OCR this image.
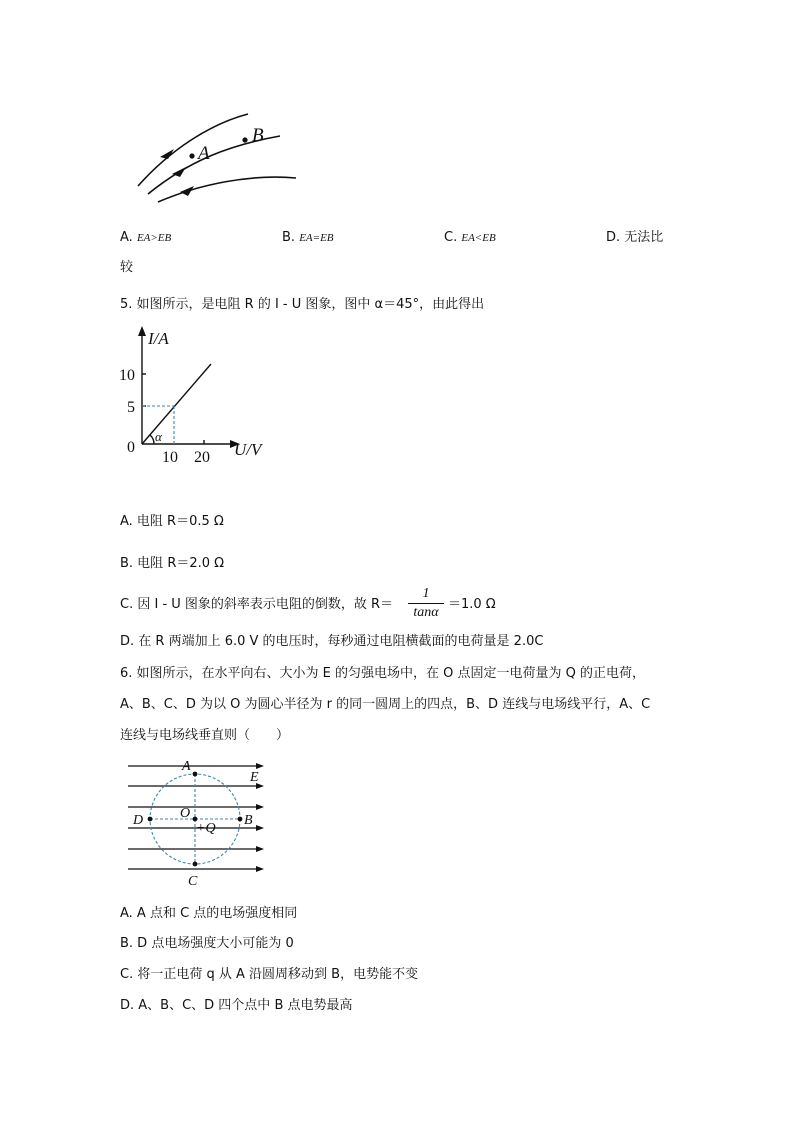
A
B
A. EA>EB	B. EA=EB	C. EA<EB	D. 无法比
较
5. 如图所示，是电阻 R 的 I - U 图象，图中 α＝45°，由此得出
I/A
U/V
10
5
0
10 20
α
A. 电阻 R＝0.5 Ω
B. 电阻 R＝2.0 Ω
C. 因 I - U 图象的斜率表示电阻的倒数，故 R＝
1
tanα
＝1.0 Ω
D. 在 R 两端加上 6.0 V 的电压时，每秒通过电阻横截面的电荷量是 2.0C
6. 如图所示，在水平向右、大小为 E 的匀强电场中，在 O 点固定一电荷量为 Q 的正电荷，
A、B、C、D 为以 O 为圆心半径为 r 的同一圆周上的四点，B、D 连线与电场线平行，A、C
连线与电场线垂直则（　　）
A
E
O
D	B
+Q
C
A. A 点和 C 点的电场强度相同
B. D 点电场强度大小可能为 0
C. 将一正电荷 q 从 A 沿圆周移动到 B，电势能不变
D. A、B、C、D 四个点中 B 点电势最高
